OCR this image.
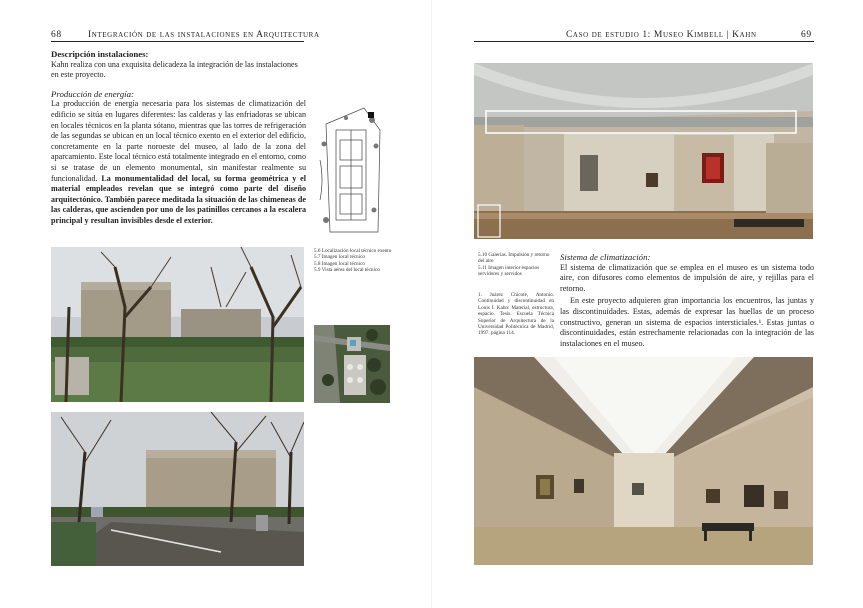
68	Integración de las instalaciones en Arquitectura

Descripción instalaciones:

Kahn realiza con una exquisita delicadeza la integración de las instalaciones en este proyecto.

Producción de energía:

La producción de energía necesaria para los sistemas de climatización del edificio se sitúa en lugares diferentes: las calderas y las enfriadoras se ubican en locales técnicos en la planta sótano, mientras que las torres de refrigeración de las segundas se ubican en un local técnico exento en el exterior del edificio, concretamente en la parte noroeste del museo, al lado de la zona del aparcamiento. Este local técnico está totalmente integrado en el entorno, como si se tratase de un elemento monumental, sin manifestar realmente su funcionalidad. La monumentalidad del local, su forma geométrica y el material empleados revelan que se integró como parte del diseño arquitectónico. También parece meditada la situación de las chimeneas de las calderas, que ascienden por uno de los patinillos cercanos a la escalera principal y resultan invisibles desde el exterior.

5.6 Localización local técnico exento
5.7 Imagen local técnico
5.8 Imagen local técnico
5.9 Vista aérea del local técnico
Caso de estudio 1: Museo Kimbell | Kahn	69
5.10 Galerías. Impulsión y retorno del aire.
5.11 Imagen interior espacios servidores y servidos
1. Juárez Chicote, Antonio. Continuidad y discontinuidad en Louis I. Kahn: Material, estructura, espacio. Tesis. Escuela Técnica Superior de Arquitectura de la Universidad Politécnica de Madrid, 1997. página 114.

Sistema de climatización:

El sistema de climatización que se emplea en el museo es un sistema todo aire, con difusores como elementos de impulsión de aire, y rejillas para el retorno.

En este proyecto adquieren gran importancia los encuentros, las juntas y las discontinuidades. Estas, además de expresar las huellas de un proceso constructivo, generan un sistema de espacios intersticiales.¹. Estas juntas o discontinuidades, están estrechamente relacionadas con la integración de las instalaciones en el museo.
